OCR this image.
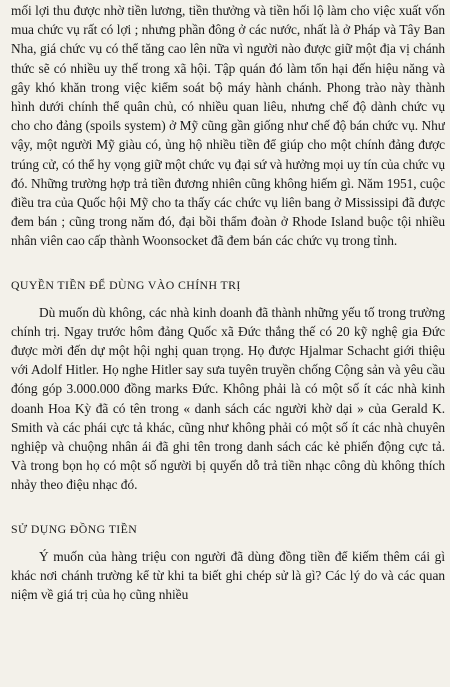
mối lợi thu được nhờ tiền lương, tiền thưởng và tiền hối lộ làm cho việc xuất vốn mua chức vụ rất có lợi ; nhưng phần đông ở các nước, nhất là ở Pháp và Tây Ban Nha, giá chức vụ có thể tăng cao lên nữa vì người nào được giữ một địa vị chánh thức sẽ có nhiều uy thế trong xã hội. Tập quán đó làm tổn hại đến hiệu năng và gây khó khăn trong việc kiểm soát bộ máy hành chánh. Phong trào này thành hình dưới chính thể quân chủ, có nhiều quan liêu, nhưng chế độ dành chức vụ cho cho đảng (spoils system) ở Mỹ cũng gần giống như chế độ bán chức vụ. Như vậy, một người Mỹ giàu có, ủng hộ nhiều tiền để giúp cho một chính đảng được trúng cử, có thể hy vọng giữ một chức vụ đại sứ và hưởng mọi uy tín của chức vụ đó. Những trường hợp trả tiền đương nhiên cũng không hiếm gì. Năm 1951, cuộc điều tra của Quốc hội Mỹ cho ta thấy các chức vụ liên bang ở Mississipi đã được đem bán ; cũng trong năm đó, đại bồi thẩm đoàn ở Rhode Island buộc tội nhiều nhân viên cao cấp thành Woonsocket đã đem bán các chức vụ trong tỉnh.

QUYỀN TIỀN ĐỂ DÙNG VÀO CHÍNH TRỊ

Dù muốn dù không, các nhà kinh doanh đã thành những yếu tố trong trường chính trị. Ngay trước hôm đảng Quốc xã Đức thắng thế có 20 kỹ nghệ gia Đức được mời đến dự một hội nghị quan trọng. Họ được Hjalmar Schacht giới thiệu với Adolf Hitler. Họ nghe Hitler say sưa tuyên truyền chống Cộng sản và yêu cầu đóng góp 3.000.000 đồng marks Đức. Không phải là có một số ít các nhà kinh doanh Hoa Kỳ đã có tên trong « danh sách các người khờ dại » của Gerald K. Smith và các phái cực tả khác, cũng như không phải có một số ít các nhà chuyên nghiệp và chuộng nhân ái đã ghi tên trong danh sách các kẻ phiến động cực tả. Và trong bọn họ có một số người bị quyến dỗ trả tiền nhạc công dù không thích nhảy theo điệu nhạc đó.

SỬ DỤNG ĐỒNG TIỀN

Ý muốn của hàng triệu con người đã dùng đồng tiền để kiếm thêm cái gì khác nơi chánh trường kể từ khi ta biết ghi chép sử là gì? Các lý do và các quan niệm về giá trị của họ cũng nhiều
